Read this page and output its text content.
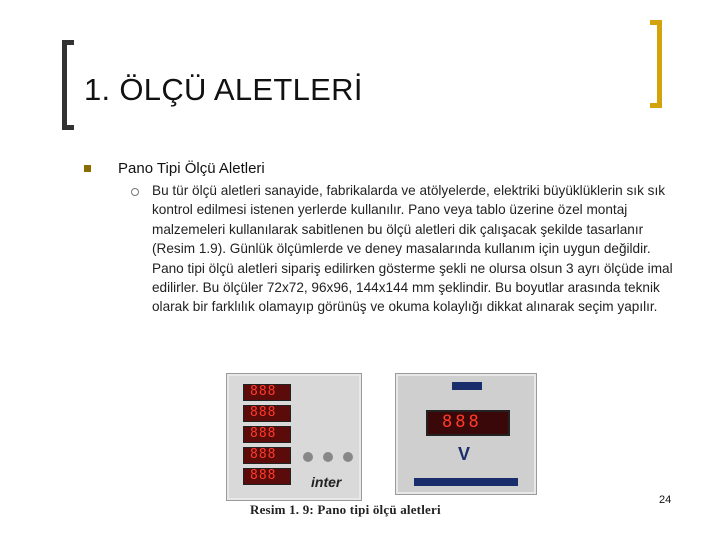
1. ÖLÇÜ ALETLERİ
Pano Tipi Ölçü Aletleri
Bu tür ölçü aletleri sanayide, fabrikalarda ve atölyelerde, elektriki büyüklüklerin sık sık kontrol edilmesi istenen yerlerde kullanılır. Pano veya tablo üzerine özel montaj malzemeleri kullanılarak sabitlenen bu ölçü aletleri dik çalışacak şekilde tasarlanır (Resim 1.9). Günlük ölçümlerde ve deney masalarında kullanım için uygun değildir. Pano tipi ölçü aletleri sipariş edilirken gösterme şekli ne olursa olsun 3 ayrı ölçüde imal edilirler. Bu ölçüler 72x72, 96x96, 144x144 mm şeklindir. Bu boyutlar arasında teknik olarak bir farklılık olamayıp görünüş ve okuma kolaylığı dikkat alınarak seçim yapılır.
888
888
888
888
888
inter
888
V
Resim 1. 9: Pano tipi ölçü aletleri
24
